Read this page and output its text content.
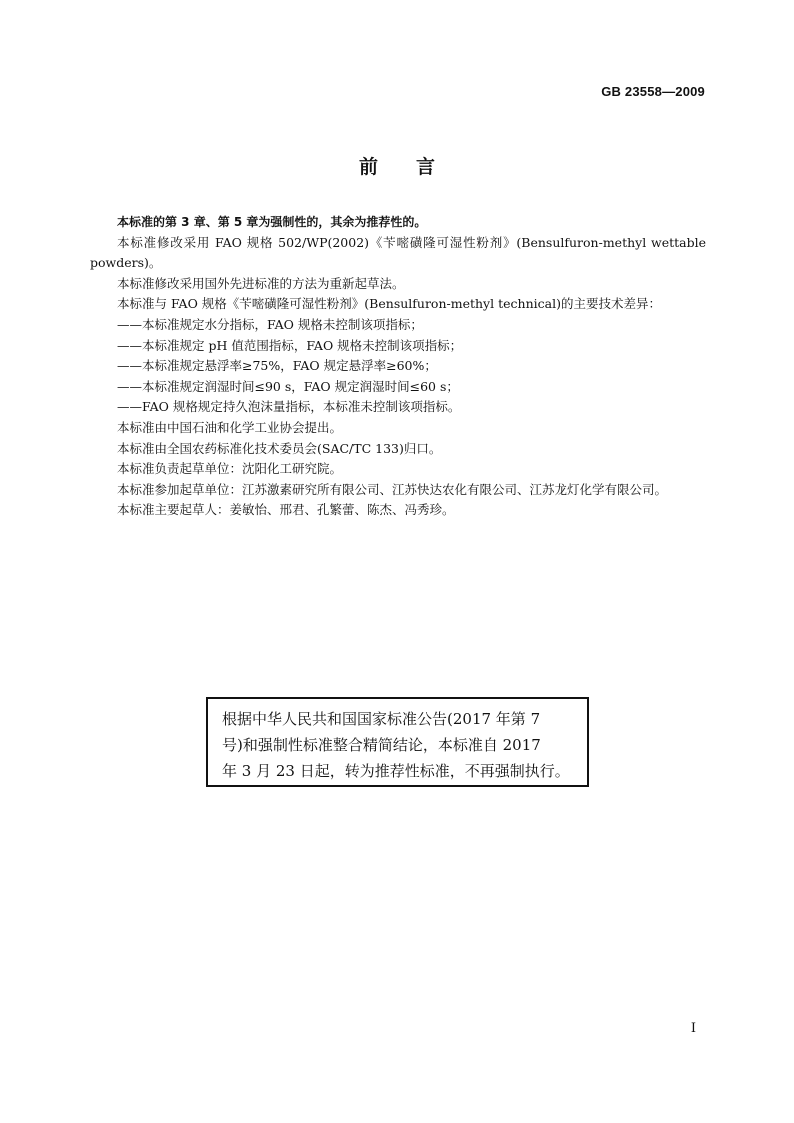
GB 23558—2009
前言

本标准的第 3 章、第 5 章为强制性的，其余为推荐性的。

本标准修改采用 FAO 规格 502/WP(2002)《苄嘧磺隆可湿性粉剂》(Bensulfuron-methyl wettable powders)。

本标准修改采用国外先进标准的方法为重新起草法。

本标准与 FAO 规格《苄嘧磺隆可湿性粉剂》(Bensulfuron-methyl technical)的主要技术差异：

——本标准规定水分指标，FAO 规格未控制该项指标；

——本标准规定 pH 值范围指标，FAO 规格未控制该项指标；

——本标准规定悬浮率≥75%，FAO 规定悬浮率≥60%；

——本标准规定润湿时间≤90 s，FAO 规定润湿时间≤60 s；

——FAO 规格规定持久泡沫量指标，本标准未控制该项指标。

本标准由中国石油和化学工业协会提出。

本标准由全国农药标准化技术委员会(SAC/TC 133)归口。

本标准负责起草单位：沈阳化工研究院。

本标准参加起草单位：江苏激素研究所有限公司、江苏快达农化有限公司、江苏龙灯化学有限公司。

本标准主要起草人：姜敏怡、邢君、孔繁蕾、陈杰、冯秀珍。

根据中华人民共和国国家标准公告(2017 年第 7
号)和强制性标准整合精简结论，本标准自 2017
年 3 月 23 日起，转为推荐性标准，不再强制执行。
I
